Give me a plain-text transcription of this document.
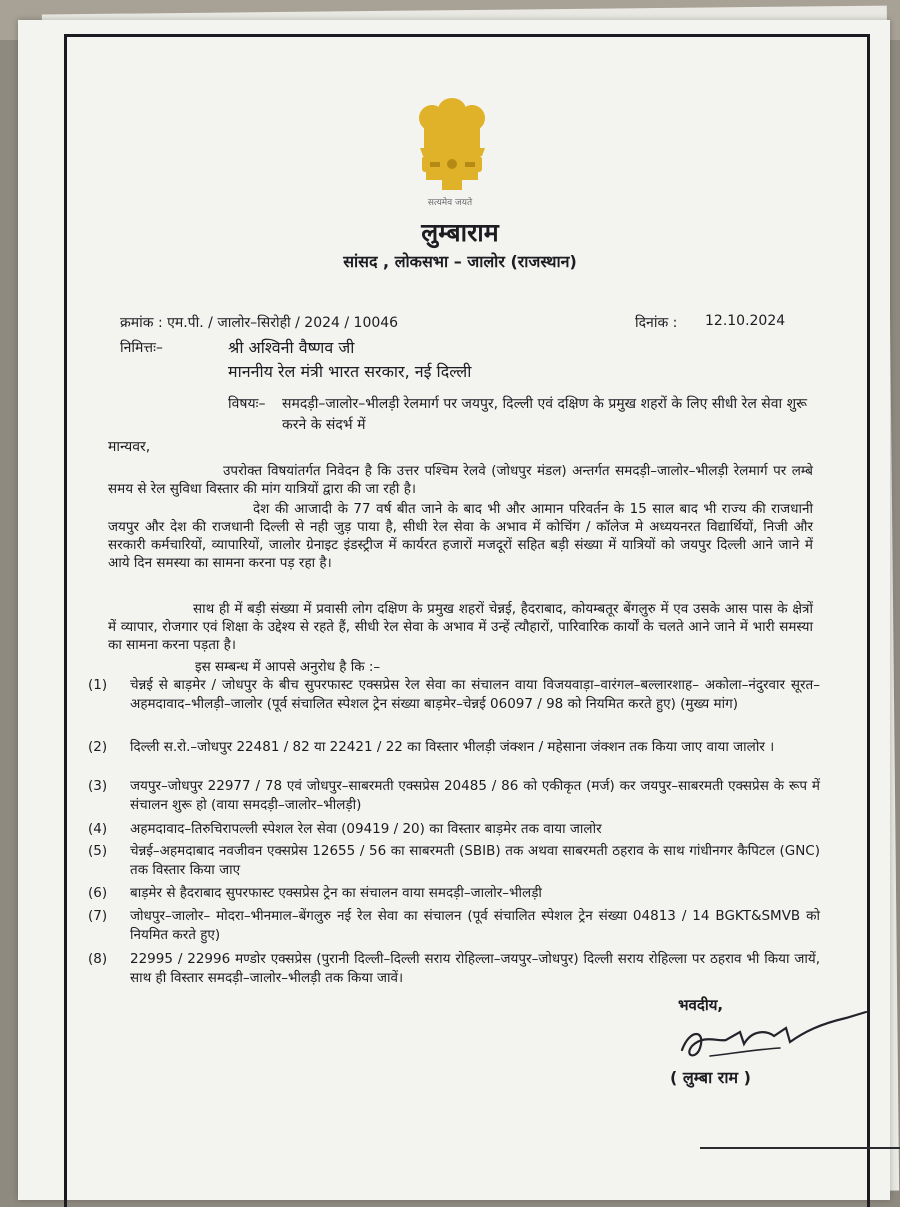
सत्यमेव जयते
लुम्बाराम
सांसद , लोकसभा – जालोर (राजस्थान)
क्रमांक : एम.पी. / जालोर–सिरोही / 2024 / 10046	दिनांक : 12.10.2024
निमित्तः–	श्री अश्विनी वैष्णव जी
माननीय रेल मंत्री भारत सरकार, नई दिल्ली
विषयः– समदड़ी–जालोर–भीलड़ी रेलमार्ग पर जयपुर, दिल्ली एवं दक्षिण के प्रमुख शहरों के लिए सीधी रेल सेवा शुरू करने के संदर्भ में
मान्यवर,
उपरोक्त विषयांतर्गत निवेदन है कि उत्तर पश्चिम रेलवे (जोधपुर मंडल) अन्तर्गत समदड़ी–जालोर–भीलड़ी रेलमार्ग पर लम्बे समय से रेल सुविधा विस्तार की मांग यात्रियों द्वारा की जा रही है।
देश की आजादी के 77 वर्ष बीत जाने के बाद भी और आमान परिवर्तन के 15 साल बाद भी राज्य की राजधानी जयपुर और देश की राजधानी दिल्ली से नही जुड़ पाया है, सीधी रेल सेवा के अभाव में कोचिंग / कॉलेज मे अध्ययनरत विद्यार्थियों, निजी और सरकारी कर्मचारियों, व्यापारियों, जालोर ग्रेनाइट इंडस्ट्रीज में कार्यरत हजारों मजदूरों सहित बड़ी संख्या में यात्रियों को जयपुर दिल्ली आने जाने में आये दिन समस्या का सामना करना पड़ रहा है।
साथ ही में बड़ी संख्या में प्रवासी लोग दक्षिण के प्रमुख शहरों चेन्नई, हैदराबाद, कोयम्बतूर बेंगलुरु में एव उसके आस पास के क्षेत्रों में व्यापार, रोजगार एवं शिक्षा के उद्देश्य से रहते हैं, सीधी रेल सेवा के अभाव में उन्हें त्यौहारों, पारिवारिक कार्यों के चलते आने जाने में भारी समस्या का सामना करना पड़ता है।
इस सम्बन्ध में आपसे अनुरोध है कि :–
(1) चेन्नई से बाड़मेर / जोधपुर के बीच सुपरफास्ट एक्सप्रेस रेल सेवा का संचालन वाया विजयवाड़ा–वारंगल–बल्लारशाह– अकोला–नंदुरवार सूरत–अहमदावाद–भीलड़ी–जालोर (पूर्व संचालित स्पेशल ट्रेन संख्या बाड़मेर–चेन्नई 06097 / 98 को नियमित करते हुए) (मुख्य मांग)
(2) दिल्ली स.रो.–जोधपुर 22481 / 82 या 22421 / 22 का विस्तार भीलड़ी जंक्शन / महेसाना जंक्शन तक किया जाए वाया जालोर ।
(3) जयपुर–जोधपुर 22977 / 78 एवं जोधपुर–साबरमती एक्सप्रेस 20485 / 86 को एकीकृत (मर्ज) कर जयपुर–साबरमती एक्सप्रेस के रूप में संचालन शुरू हो (वाया समदड़ी–जालोर–भीलड़ी)
(4) अहमदावाद–तिरुचिरापल्ली स्पेशल रेल सेवा (09419 / 20) का विस्तार बाड़मेर तक वाया जालोर
(5) चेन्नई–अहमदाबाद नवजीवन एक्सप्रेस 12655 / 56 का साबरमती (SBIB) तक अथवा साबरमती ठहराव के साथ गांधीनगर कैपिटल (GNC) तक विस्तार किया जाए
(6) बाड़मेर से हैदराबाद सुपरफास्ट एक्सप्रेस ट्रेन का संचालन वाया समदड़ी–जालोर–भीलड़ी
(7) जोधपुर–जालोर– मोदरा–भीनमाल–बेंगलुरु नई रेल सेवा का संचालन (पूर्व संचालित स्पेशल ट्रेन संख्या 04813 / 14 BGKT&SMVB को नियमित करते हुए)
(8) 22995 / 22996 मण्डोर एक्सप्रेस (पुरानी दिल्ली–दिल्ली सराय रोहिल्ला–जयपुर–जोधपुर) दिल्ली सराय रोहिल्ला पर ठहराव भी किया जायें, साथ ही विस्तार समदड़ी–जालोर–भीलड़ी तक किया जावें।
भवदीय,
( लुम्बा राम )
